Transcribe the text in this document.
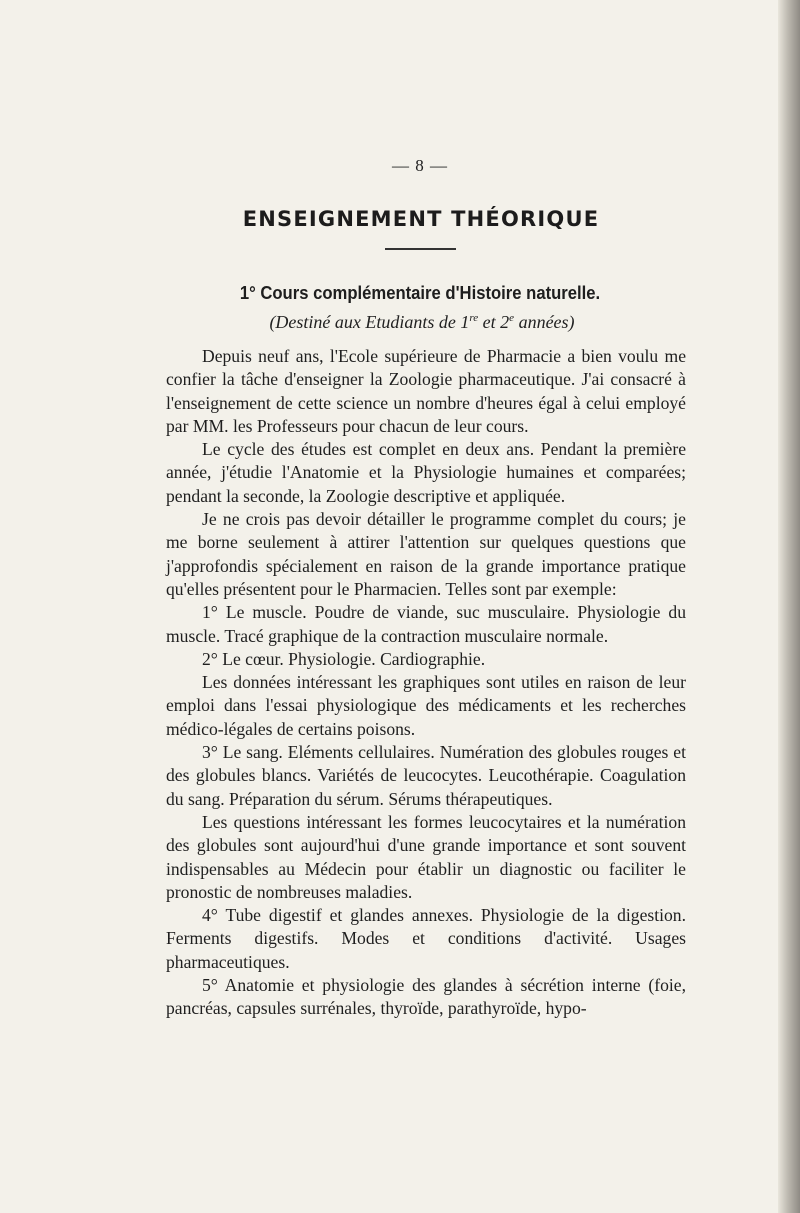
— 8 —
ENSEIGNEMENT THÉORIQUE
1° Cours complémentaire d'Histoire naturelle.
(Destiné aux Etudiants de 1re et 2e années)

Depuis neuf ans, l'Ecole supérieure de Pharmacie a bien voulu me confier la tâche d'enseigner la Zoologie pharmaceutique. J'ai consacré à l'enseignement de cette science un nombre d'heures égal à celui employé par MM. les Professeurs pour chacun de leur cours.

Le cycle des études est complet en deux ans. Pendant la première année, j'étudie l'Anatomie et la Physiologie humaines et comparées; pendant la seconde, la Zoologie descriptive et appliquée.

Je ne crois pas devoir détailler le programme complet du cours; je me borne seulement à attirer l'attention sur quelques questions que j'approfondis spécialement en raison de la grande importance pratique qu'elles présentent pour le Pharmacien. Telles sont par exemple:

1° Le muscle. Poudre de viande, suc musculaire. Physiologie du muscle. Tracé graphique de la contraction musculaire normale.

2° Le cœur. Physiologie. Cardiographie.

Les données intéressant les graphiques sont utiles en raison de leur emploi dans l'essai physiologique des médicaments et les recherches médico-légales de certains poisons.

3° Le sang. Eléments cellulaires. Numération des globules rouges et des globules blancs. Variétés de leucocytes. Leucothérapie. Coagulation du sang. Préparation du sérum. Sérums thérapeutiques.

Les questions intéressant les formes leucocytaires et la numération des globules sont aujourd'hui d'une grande importance et sont souvent indispensables au Médecin pour établir un diagnostic ou faciliter le pronostic de nombreuses maladies.

4° Tube digestif et glandes annexes. Physiologie de la digestion. Ferments digestifs. Modes et conditions d'activité. Usages pharmaceutiques.

5° Anatomie et physiologie des glandes à sécrétion interne (foie, pancréas, capsules surrénales, thyroïde, parathyroïde, hypo-
